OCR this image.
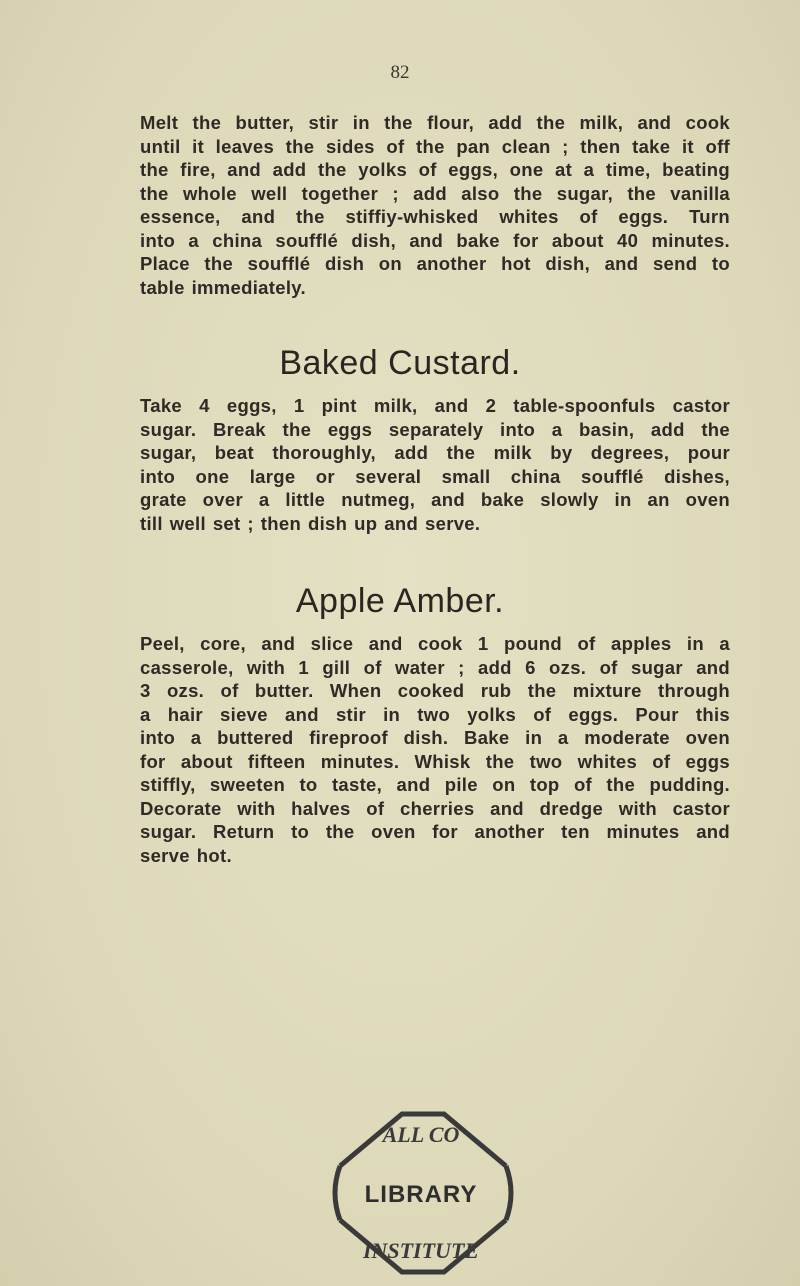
82
Melt the butter, stir in the flour, add the milk, and cook
until it leaves the sides of the pan clean ; then take it off
the fire, and add the yolks of eggs, one at a time, beating
the whole well together ; add also the sugar, the vanilla
essence, and the stiffiy-whisked whites of eggs. Turn
into a china soufflé dish, and bake for about 40 minutes.
Place the soufflé dish on another hot dish, and send to
table immediately.
Baked Custard.
Take 4 eggs, 1 pint milk, and 2 table-spoonfuls castor
sugar. Break the eggs separately into a basin, add the
sugar, beat thoroughly, add the milk by degrees, pour
into one large or several small china soufflé dishes,
grate over a little nutmeg, and bake slowly in an oven
till well set ; then dish up and serve.
Apple Amber.
Peel, core, and slice and cook 1 pound of apples in a
casserole, with 1 gill of water ; add 6 ozs. of sugar and
3 ozs. of butter. When cooked rub the mixture through
a hair sieve and stir in two yolks of eggs. Pour this
into a buttered fireproof dish. Bake in a moderate oven
for about fifteen minutes. Whisk the two whites of eggs
stiffly, sweeten to taste, and pile on top of the pudding.
Decorate with halves of cherries and dredge with castor
sugar. Return to the oven for another ten minutes and
serve hot.
ALL CO
LIBRARY
INSTITUTE
